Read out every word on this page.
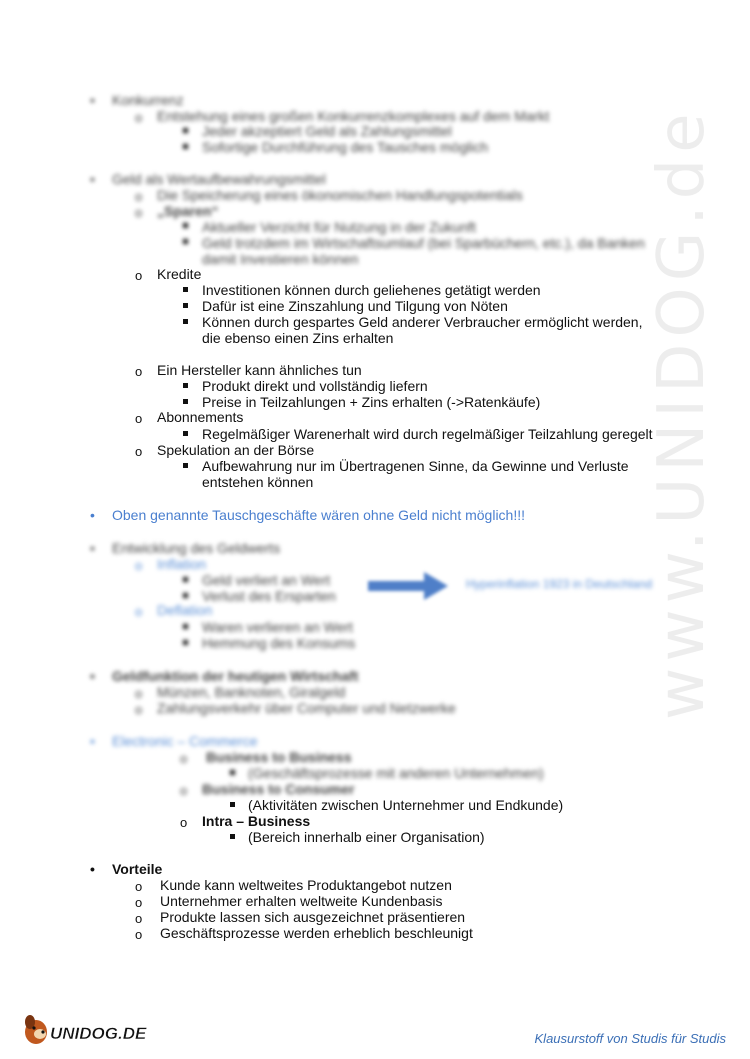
www.UNIDOG.de
• Konkurrenz
o Entstehung eines großen Konkurrenzkomplexes auf dem Markt
Jeder akzeptiert Geld als Zahlungsmittel
Sofortige Durchführung des Tausches möglich
• Geld als Wertaufbewahrungsmittel
o Die Speicherung eines ökonomischen Handlungspotentials
o „Sparen“
Aktueller Verzicht für Nutzung in der Zukunft
Geld trotzdem im Wirtschaftsumlauf (bei Sparbüchern, etc.), da Banken
damit Investieren können
o Kredite
Investitionen können durch geliehenes getätigt werden
Dafür ist eine Zinszahlung und Tilgung von Nöten
Können durch gespartes Geld anderer Verbraucher ermöglicht werden,
die ebenso einen Zins erhalten
o Ein Hersteller kann ähnliches tun
Produkt direkt und vollständig liefern
Preise in Teilzahlungen + Zins erhalten (->Ratenkäufe)
o Abonnements
Regelmäßiger Warenerhalt wird durch regelmäßiger Teilzahlung geregelt
o Spekulation an der Börse
Aufbewahrung nur im Übertragenen Sinne, da Gewinne und Verluste
entstehen können
• Oben genannte Tauschgeschäfte wären ohne Geld nicht möglich!!!
• Entwicklung des Geldwerts
o Inflation
Geld verliert an Wert
Verlust des Ersparten
o Deflation
Waren verlieren an Wert
Hemmung des Konsums
Hyperinflation 1923 in Deutschland
• Geldfunktion der heutigen Wirtschaft
o Münzen, Banknoten, Giralgeld
o Zahlungsverkehr über Computer und Netzwerke
• Electronic – Commerce
o Business to Business
(Geschäftsprozesse mit anderen Unternehmen)
o Business to Consumer
(Aktivitäten zwischen Unternehmer und Endkunde)
o Intra – Business
(Bereich innerhalb einer Organisation)
• Vorteile
o Kunde kann weltweites Produktangebot nutzen
o Unternehmer erhalten weltweite Kundenbasis
o Produkte lassen sich ausgezeichnet präsentieren
o Geschäftsprozesse werden erheblich beschleunigt
UNIDOG.DE	Klausurstoff von Studis für Studis
